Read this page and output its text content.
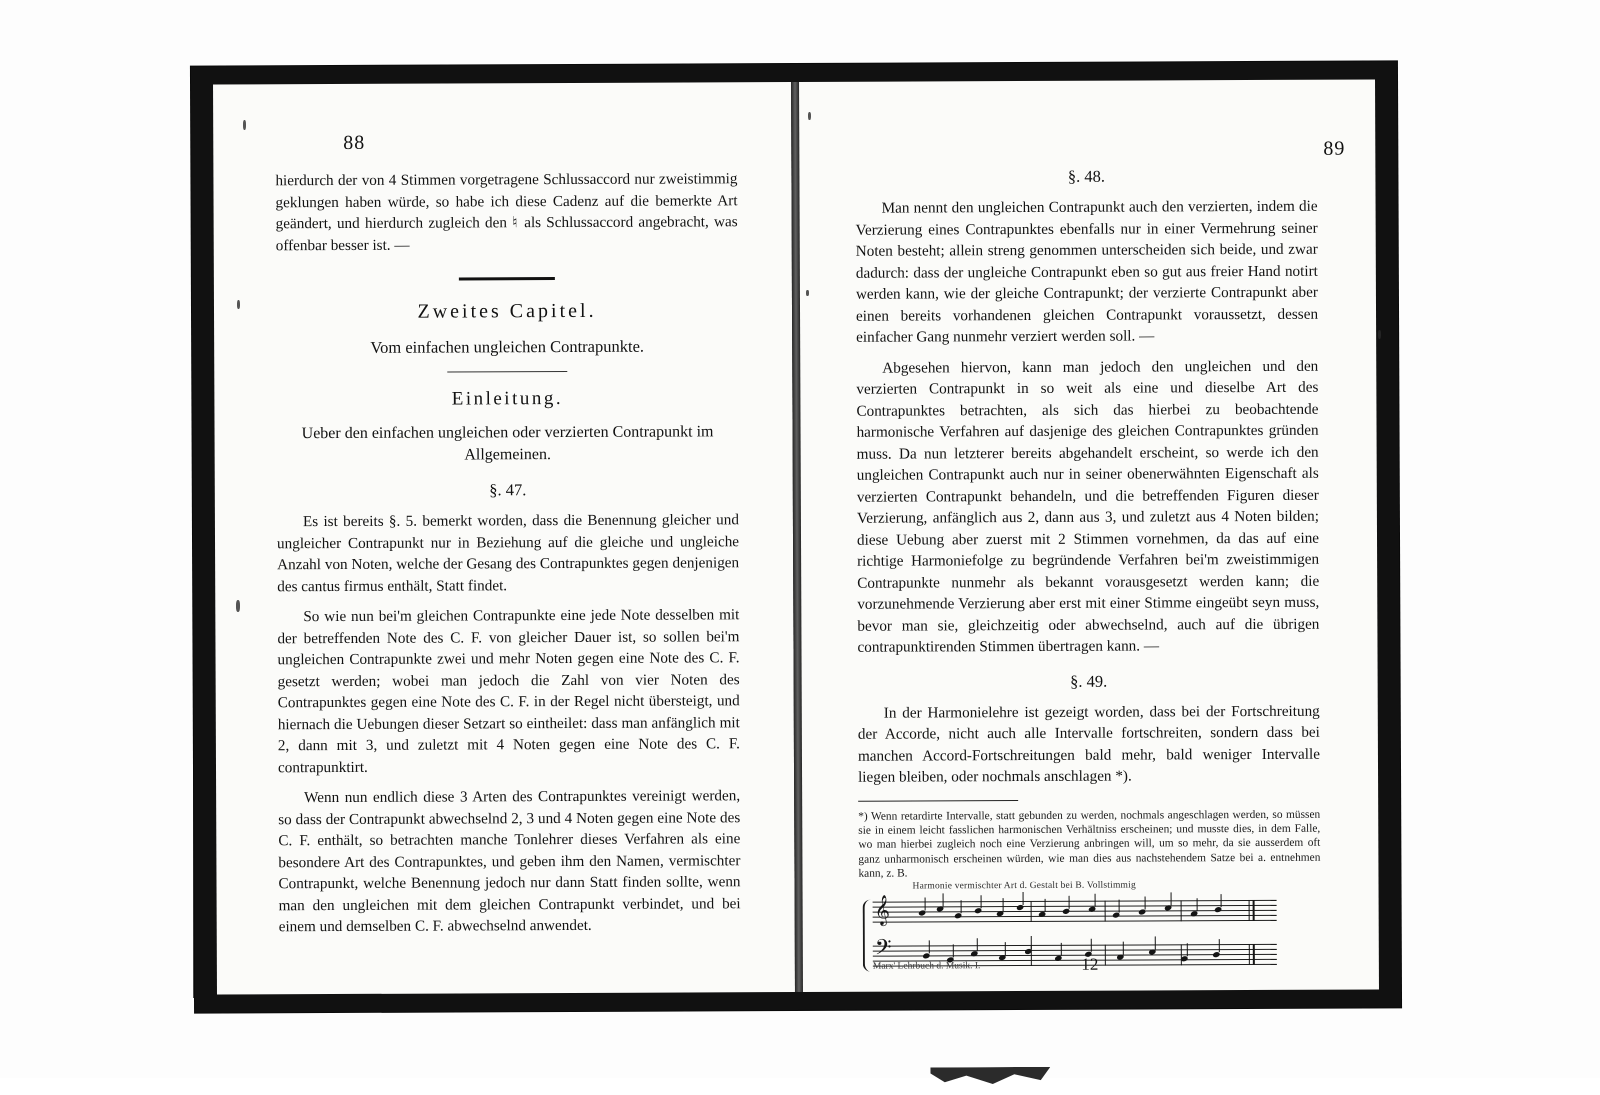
88

hierdurch der von 4 Stimmen vorgetragene Schlussaccord nur zweistimmig geklungen haben würde, so habe ich diese Cadenz auf die bemerkte Art geändert, und hierdurch zugleich den ♮ als Schlussaccord angebracht, was offenbar besser ist. —

Zweites Capitel.
Vom einfachen ungleichen Contrapunkte.
Einleitung.

Ueber den einfachen ungleichen oder verzierten Contrapunkt im Allgemeinen.

§. 47.

Es ist bereits §. 5. bemerkt worden, dass die Benennung gleicher und ungleicher Contrapunkt nur in Beziehung auf die gleiche und ungleiche Anzahl von Noten, welche der Gesang des Contrapunktes gegen denjenigen des cantus firmus enthält, Statt findet.

So wie nun bei'm gleichen Contrapunkte eine jede Note desselben mit der betreffenden Note des C. F. von gleicher Dauer ist, so sollen bei'm ungleichen Contrapunkte zwei und mehr Noten gegen eine Note des C. F. gesetzt werden; wobei man jedoch die Zahl von vier Noten des Contrapunktes gegen eine Note des C. F. in der Regel nicht übersteigt, und hiernach die Uebungen dieser Setzart so eintheilet: dass man anfänglich mit 2, dann mit 3, und zuletzt mit 4 Noten gegen eine Note des C. F. contrapunktirt.

Wenn nun endlich diese 3 Arten des Contrapunktes vereinigt werden, so dass der Contrapunkt abwechselnd 2, 3 und 4 Noten gegen eine Note des C. F. enthält, so betrachten manche Tonlehrer dieses Verfahren als eine besondere Art des Contrapunktes, und geben ihm den Namen, vermischter Contrapunkt, welche Benennung jedoch nur dann Statt finden sollte, wenn man den ungleichen mit dem gleichen Contrapunkt verbindet, und bei einem und demselben C. F. abwechselnd anwendet.

89

§. 48.

Man nennt den ungleichen Contrapunkt auch den verzierten, indem die Verzierung eines Contrapunktes ebenfalls nur in einer Vermehrung seiner Noten besteht; allein streng genommen unterscheiden sich beide, und zwar dadurch: dass der ungleiche Contrapunkt eben so gut aus freier Hand notirt werden kann, wie der gleiche Contrapunkt; der verzierte Contrapunkt aber einen bereits vorhandenen gleichen Contrapunkt voraussetzt, dessen einfacher Gang nunmehr verziert werden soll. —

Abgesehen hiervon, kann man jedoch den ungleichen und den verzierten Contrapunkt in so weit als eine und dieselbe Art des Contrapunktes betrachten, als sich das hierbei zu beobachtende harmonische Verfahren auf dasjenige des gleichen Contrapunktes gründen muss. Da nun letzterer bereits abgehandelt erscheint, so werde ich den ungleichen Contrapunkt auch nur in seiner obenerwähnten Eigenschaft als verzierten Contrapunkt behandeln, und die betreffenden Figuren dieser Verzierung, anfänglich aus 2, dann aus 3, und zuletzt aus 4 Noten bilden; diese Uebung aber zuerst mit 2 Stimmen vornehmen, da das auf eine richtige Harmoniefolge zu begründende Verfahren bei'm zweistimmigen Contrapunkte nunmehr als bekannt vorausgesetzt werden kann; die vorzunehmende Verzierung aber erst mit einer Stimme eingeübt seyn muss, bevor man sie, gleichzeitig oder abwechselnd, auch auf die übrigen contrapunktirenden Stimmen übertragen kann. —

§. 49.

In der Harmonielehre ist gezeigt worden, dass bei der Fortschreitung der Accorde, nicht auch alle Intervalle fortschreiten, sondern dass bei manchen Accord-Fortschreitungen bald mehr, bald weniger Intervalle liegen bleiben, oder nochmals anschlagen *).

*) Wenn retardirte Intervalle, statt gebunden zu werden, nochmals angeschlagen werden, so müssen sie in einem leicht fasslichen harmonischen Verhältniss erscheinen; und musste dies, in dem Falle, wo man hierbei zugleich noch eine Verzierung anbringen will, um so mehr, da sie ausserdem oft ganz unharmonisch erscheinen würden, wie man dies aus nachstehendem Satze bei a. entnehmen kann, z. B.

Harmonie vermischter Art d. Gestalt bei B. Vollstimmig
𝄞
𝄢
Marx' Lehrbuch d. Musik. I.	12
